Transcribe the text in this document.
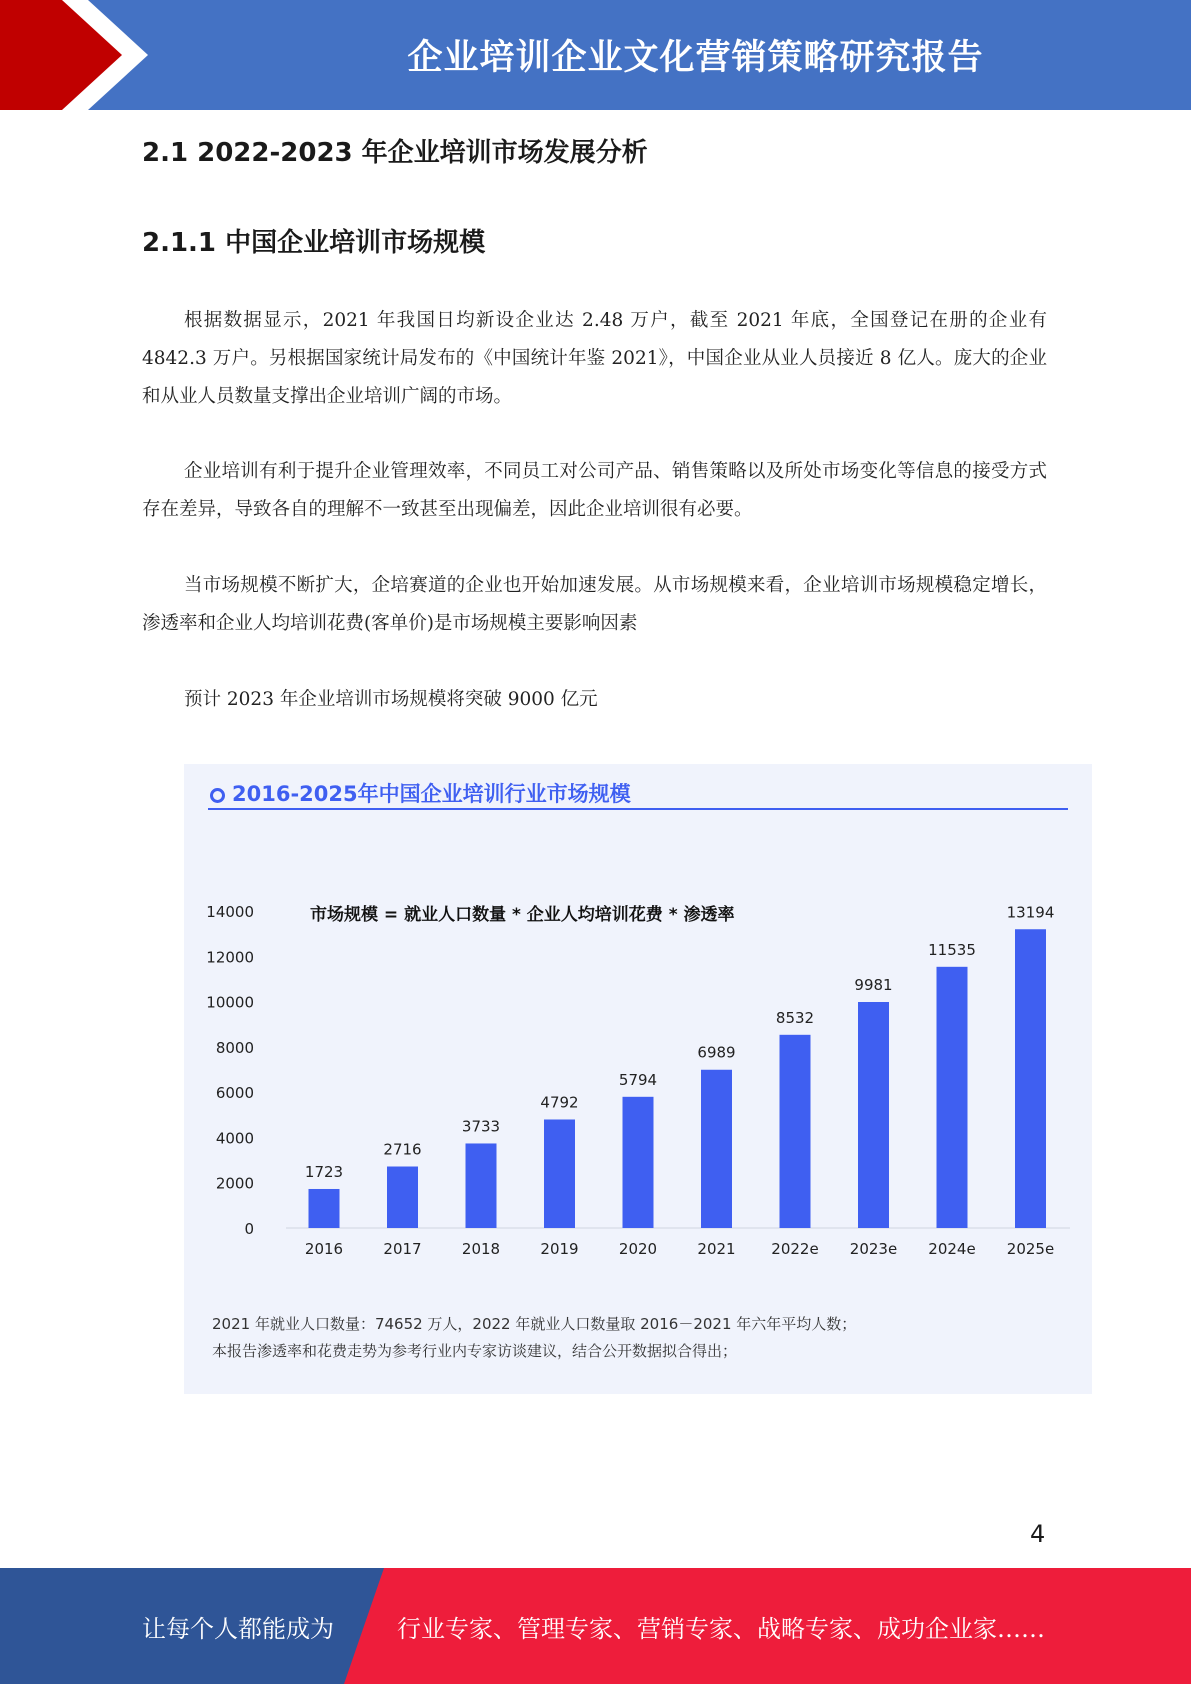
企业培训企业文化营销策略研究报告
2.1 2022-2023 年企业培训市场发展分析
2.1.1 中国企业培训市场规模
根据数据显示，2021 年我国日均新设企业达 2.48 万户，截至 2021 年底，全国登记在册的企业有 4842.3 万户。另根据国家统计局发布的《中国统计年鉴 2021》，中国企业从业人员接近 8 亿人。庞大的企业和从业人员数量支撑出企业培训广阔的市场。
企业培训有利于提升企业管理效率，不同员工对公司产品、销售策略以及所处市场变化等信息的接受方式存在差异，导致各自的理解不一致甚至出现偏差，因此企业培训很有必要。
当市场规模不断扩大，企培赛道的企业也开始加速发展。从市场规模来看，企业培训市场规模稳定增长，渗透率和企业人均培训花费(客单价)是市场规模主要影响因素
预计 2023 年企业培训市场规模将突破 9000 亿元
0
2000
4000
6000
8000
10000
12000
14000
1723
2016
2716
2017
3733
2018
4792
2019
5794
2020
6989
2021
8532
2022e
9981
2023e
11535
2024e
13194
2025e
市场规模 = 就业人口数量 * 企业人均培训花费 * 渗透率
2016-2025年中国企业培训行业市场规模
2021 年就业人口数量：74652 万人，2022 年就业人口数量取 2016－2021 年六年平均人数；
本报告渗透率和花费走势为参考行业内专家访谈建议，结合公开数据拟合得出；
4
让每个人都能成为	行业专家、管理专家、营销专家、战略专家、成功企业家……
